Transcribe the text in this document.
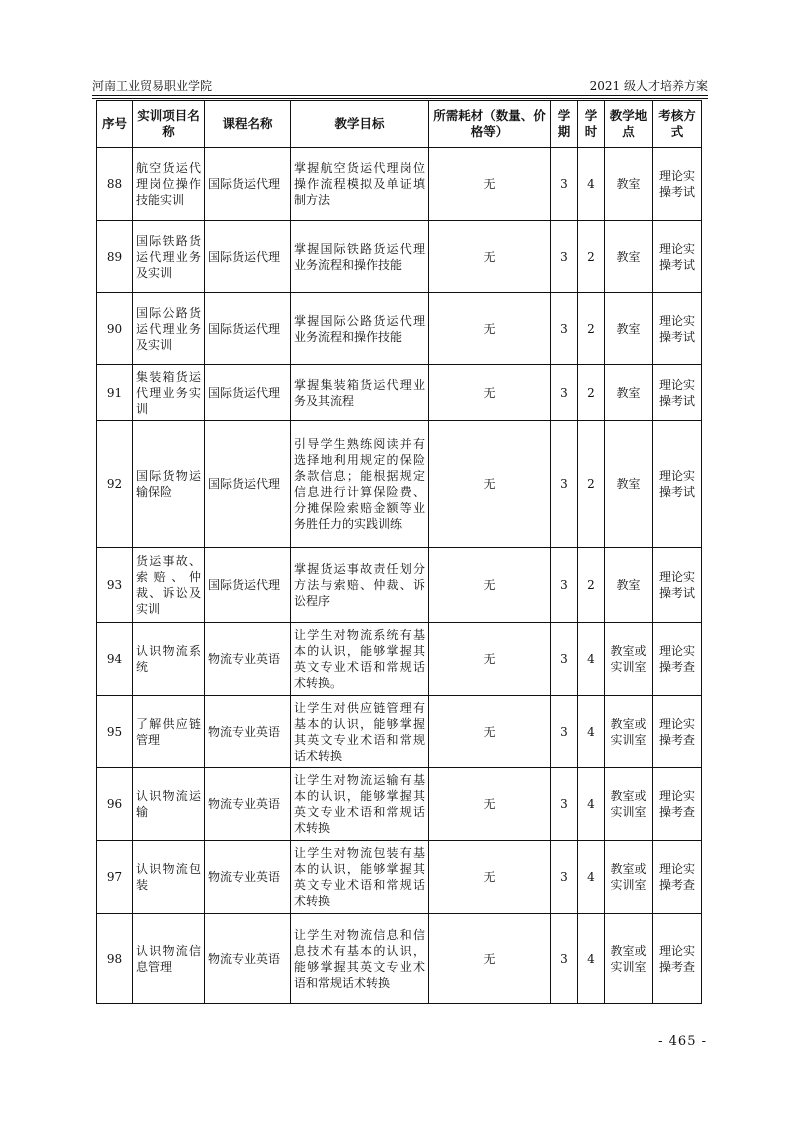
河南工业贸易职业学院	2021 级人才培养方案
序号	实训项目名称	课程名称	教学目标	所需耗材（数量、价格等）	学期	学时	教学地点	考核方式
88	航空货运代理岗位操作技能实训	国际货运代理	掌握航空货运代理岗位操作流程模拟及单证填制方法	无	3	4	教室	理论实操考试
89	国际铁路货运代理业务及实训	国际货运代理	掌握国际铁路货运代理业务流程和操作技能	无	3	2	教室	理论实操考试
90	国际公路货运代理业务及实训	国际货运代理	掌握国际公路货运代理业务流程和操作技能	无	3	2	教室	理论实操考试
91	集装箱货运代理业务实训	国际货运代理	掌握集装箱货运代理业务及其流程	无	3	2	教室	理论实操考试
92	国际货物运输保险	国际货运代理	引导学生熟练阅读并有选择地利用规定的保险条款信息；能根据规定信息进行计算保险费、分摊保险索赔金额等业务胜任力的实践训练	无	3	2	教室	理论实操考试
93	货运事故、索赔、仲裁、诉讼及实训	国际货运代理	掌握货运事故责任划分方法与索赔、仲裁、诉讼程序	无	3	2	教室	理论实操考试
94	认识物流系统	物流专业英语	让学生对物流系统有基本的认识，能够掌握其英文专业术语和常规话术转换。	无	3	4	教室或实训室	理论实操考查
95	了解供应链管理	物流专业英语	让学生对供应链管理有基本的认识，能够掌握其英文专业术语和常规话术转换	无	3	4	教室或实训室	理论实操考查
96	认识物流运输	物流专业英语	让学生对物流运输有基本的认识，能够掌握其英文专业术语和常规话术转换	无	3	4	教室或实训室	理论实操考查
97	认识物流包装	物流专业英语	让学生对物流包装有基本的认识，能够掌握其英文专业术语和常规话术转换	无	3	4	教室或实训室	理论实操考查
98	认识物流信息管理	物流专业英语	让学生对物流信息和信息技术有基本的认识，能够掌握其英文专业术语和常规话术转换	无	3	4	教室或实训室	理论实操考查
- 465 -
